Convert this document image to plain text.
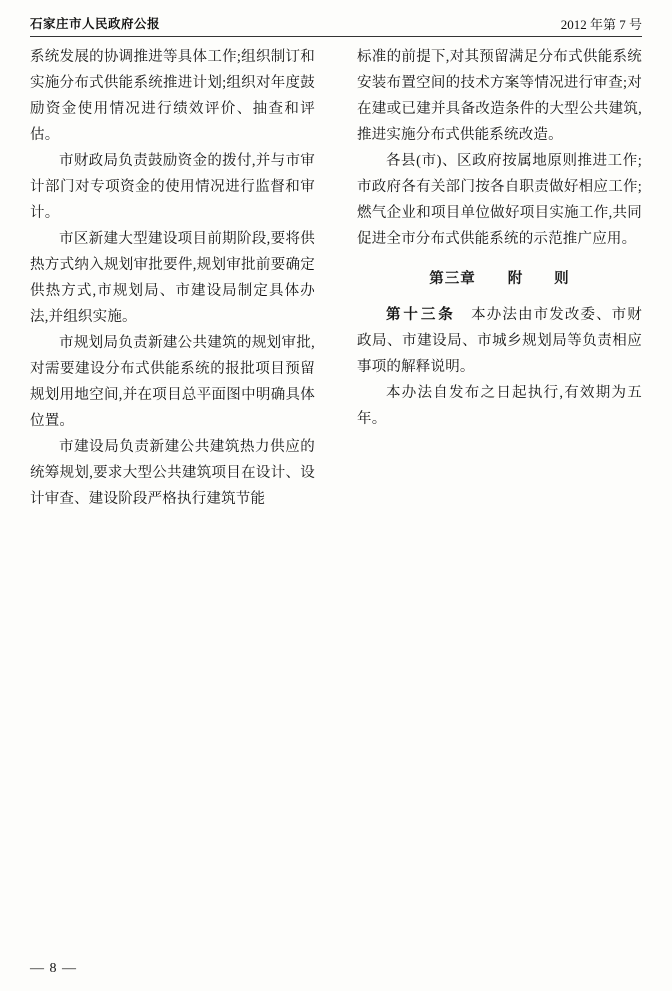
石家庄市人民政府公报	2012 年第 7 号

系统发展的协调推进等具体工作;组织制订和实施分布式供能系统推进计划;组织对年度鼓励资金使用情况进行绩效评价、抽查和评估。

市财政局负责鼓励资金的拨付,并与市审计部门对专项资金的使用情况进行监督和审计。

市区新建大型建设项目前期阶段,要将供热方式纳入规划审批要件,规划审批前要确定供热方式,市规划局、市建设局制定具体办法,并组织实施。

市规划局负责新建公共建筑的规划审批,对需要建设分布式供能系统的报批项目预留规划用地空间,并在项目总平面图中明确具体位置。

市建设局负责新建公共建筑热力供应的统筹规划,要求大型公共建筑项目在设计、设计审查、建设阶段严格执行建筑节能

标准的前提下,对其预留满足分布式供能系统安装布置空间的技术方案等情况进行审查;对在建或已建并具备改造条件的大型公共建筑,推进实施分布式供能系统改造。

各县(市)、区政府按属地原则推进工作;市政府各有关部门按各自职责做好相应工作;燃气企业和项目单位做好项目实施工作,共同促进全市分布式供能系统的示范推广应用。

第三章 附　　则

第十三条 本办法由市发改委、市财政局、市建设局、市城乡规划局等负责相应事项的解释说明。

本办法自发布之日起执行,有效期为五年。

— 8 —
